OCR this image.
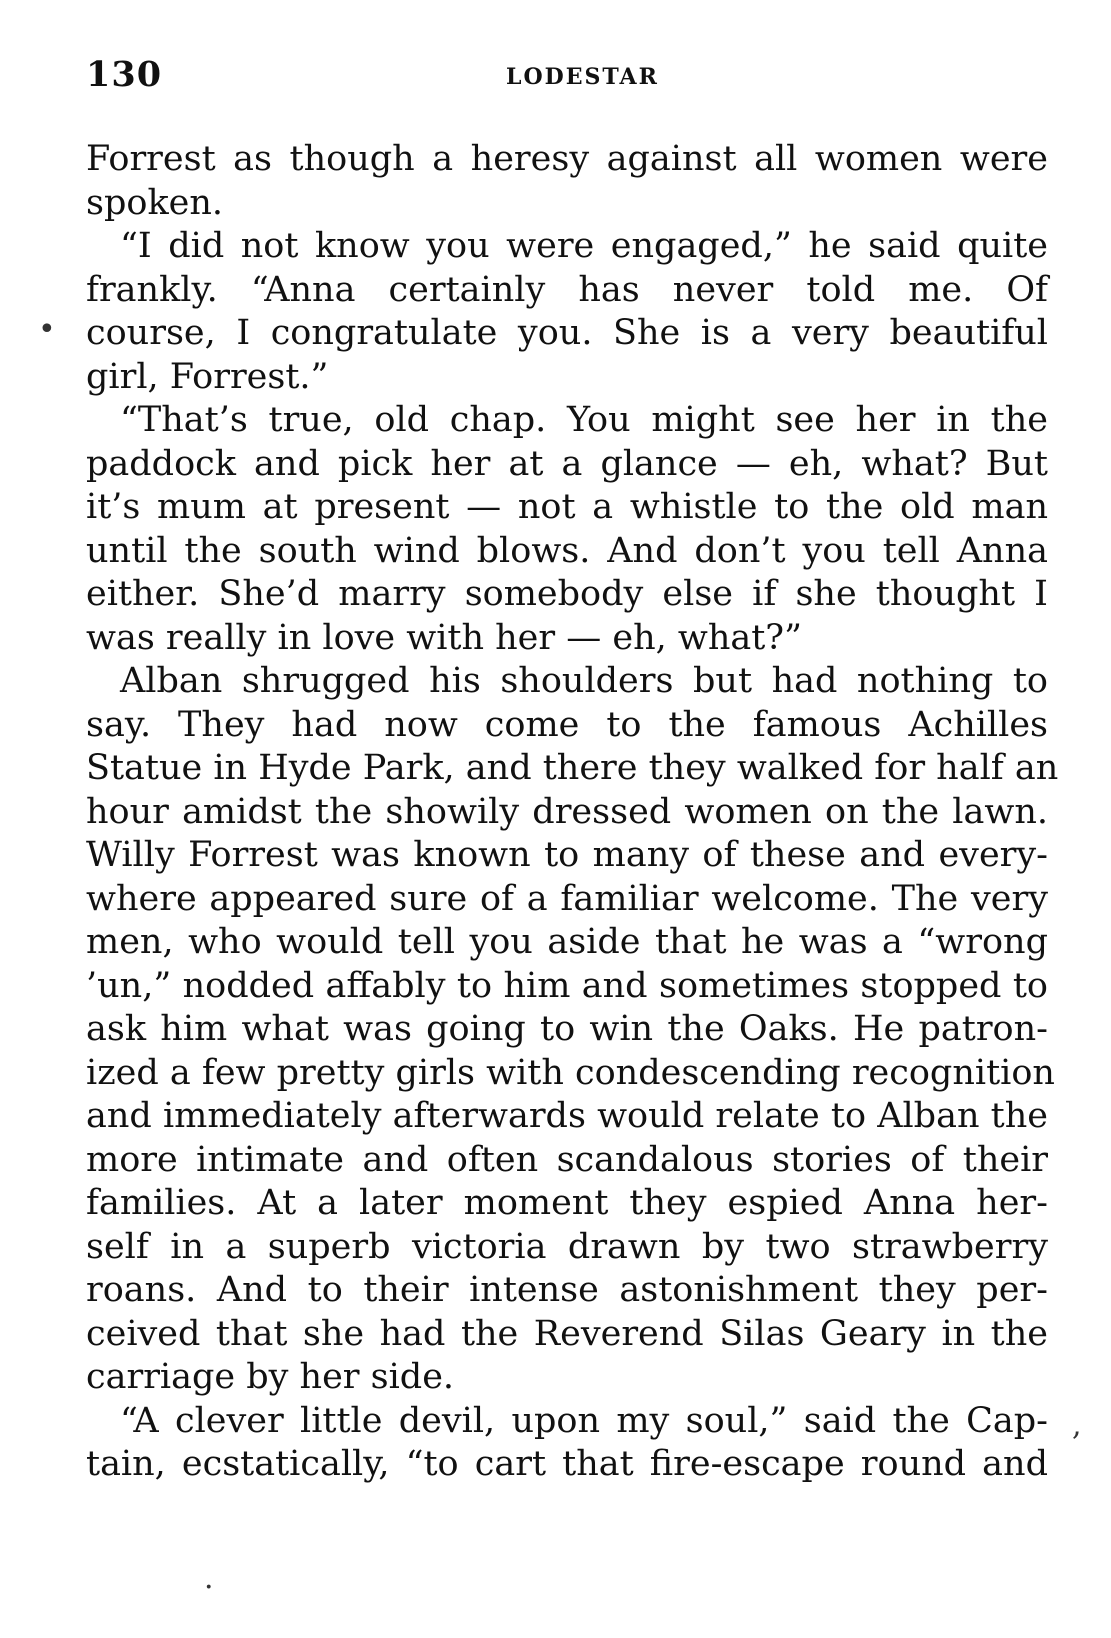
130	LODESTAR
Forrest as though a heresy against all women were
spoken.
“I did not know you were engaged,” he said quite
frankly. “Anna certainly has never told me. Of
course, I congratulate you. She is a very beautiful
girl, Forrest.”
“That’s true, old chap. You might see her in the
paddock and pick her at a glance — eh, what? But
it’s mum at present — not a whistle to the old man
until the south wind blows. And don’t you tell Anna
either. She’d marry somebody else if she thought I
was really in love with her — eh, what?”
Alban shrugged his shoulders but had nothing to
say. They had now come to the famous Achilles
Statue in Hyde Park, and there they walked for half an
hour amidst the showily dressed women on the lawn.
Willy Forrest was known to many of these and every-
where appeared sure of a familiar welcome. The very
men, who would tell you aside that he was a “wrong
’un,” nodded affably to him and sometimes stopped to
ask him what was going to win the Oaks. He patron-
ized a few pretty girls with condescending recognition
and immediately afterwards would relate to Alban the
more intimate and often scandalous stories of their
families. At a later moment they espied Anna her-
self in a superb victoria drawn by two strawberry
roans. And to their intense astonishment they per-
ceived that she had the Reverend Silas Geary in the
carriage by her side.
“A clever little devil, upon my soul,” said the Cap-
tain, ecstatically, “to cart that fire-escape round and
•
,
·
